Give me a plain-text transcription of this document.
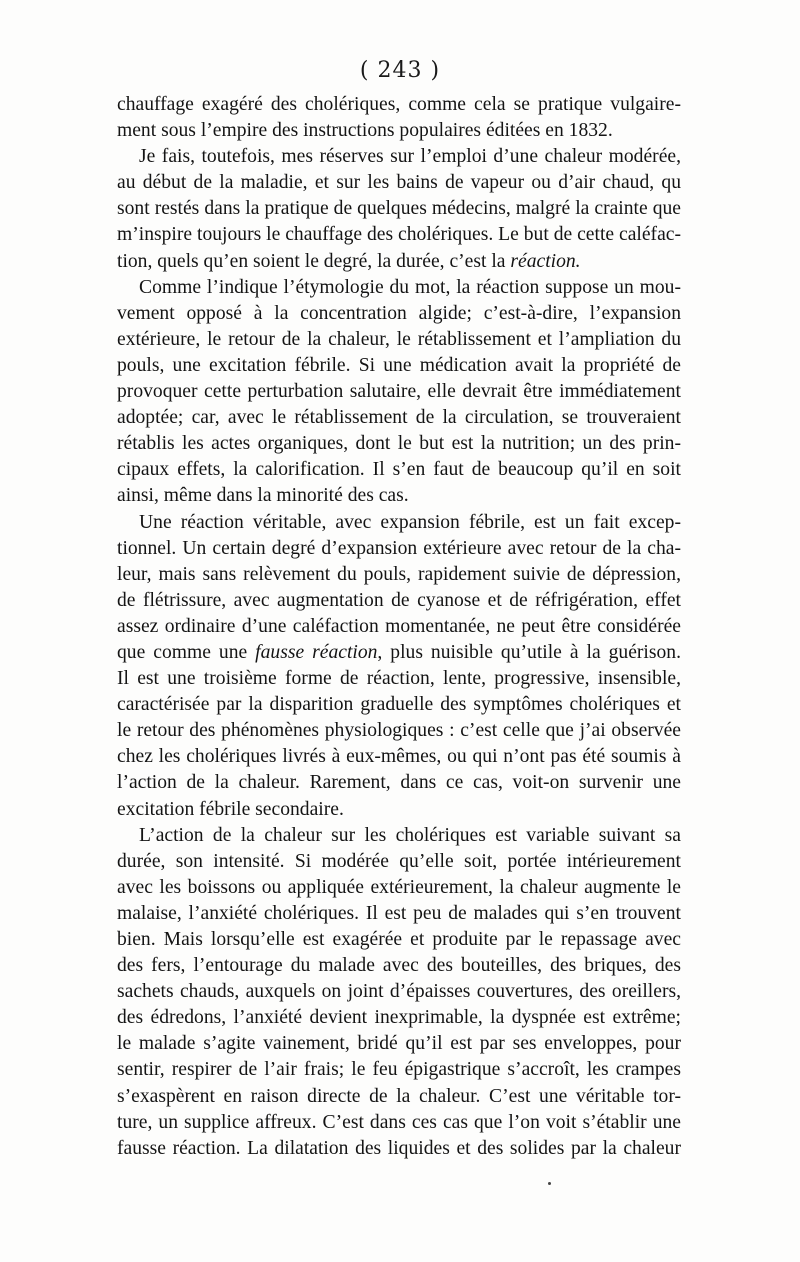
( 243 )
chauffage exagéré des cholériques, comme cela se pratique vulgaire-
ment sous l’empire des instructions populaires éditées en 1832.
Je fais, toutefois, mes réserves sur l’emploi d’une chaleur modérée,
au début de la maladie, et sur les bains de vapeur ou d’air chaud, qu
sont restés dans la pratique de quelques médecins, malgré la crainte que
m’inspire toujours le chauffage des cholériques. Le but de cette caléfac-
tion, quels qu’en soient le degré, la durée, c’est la réaction.
Comme l’indique l’étymologie du mot, la réaction suppose un mou-
vement opposé à la concentration algide; c’est-à-dire, l’expansion
extérieure, le retour de la chaleur, le rétablissement et l’ampliation du
pouls, une excitation fébrile. Si une médication avait la propriété de
provoquer cette perturbation salutaire, elle devrait être immédiatement
adoptée; car, avec le rétablissement de la circulation, se trouveraient
rétablis les actes organiques, dont le but est la nutrition; un des prin-
cipaux effets, la calorification. Il s’en faut de beaucoup qu’il en soit
ainsi, même dans la minorité des cas.
Une réaction véritable, avec expansion fébrile, est un fait excep-
tionnel. Un certain degré d’expansion extérieure avec retour de la cha-
leur, mais sans relèvement du pouls, rapidement suivie de dépression,
de flétrissure, avec augmentation de cyanose et de réfrigération, effet
assez ordinaire d’une caléfaction momentanée, ne peut être considérée
que comme une fausse réaction, plus nuisible qu’utile à la guérison.
Il est une troisième forme de réaction, lente, progressive, insensible,
caractérisée par la disparition graduelle des symptômes cholériques et
le retour des phénomènes physiologiques : c’est celle que j’ai observée
chez les cholériques livrés à eux-mêmes, ou qui n’ont pas été soumis à
l’action de la chaleur. Rarement, dans ce cas, voit-on survenir une
excitation fébrile secondaire.
L’action de la chaleur sur les cholériques est variable suivant sa
durée, son intensité. Si modérée qu’elle soit, portée intérieurement
avec les boissons ou appliquée extérieurement, la chaleur augmente le
malaise, l’anxiété cholériques. Il est peu de malades qui s’en trouvent
bien. Mais lorsqu’elle est exagérée et produite par le repassage avec
des fers, l’entourage du malade avec des bouteilles, des briques, des
sachets chauds, auxquels on joint d’épaisses couvertures, des oreillers,
des édredons, l’anxiété devient inexprimable, la dyspnée est extrême;
le malade s’agite vainement, bridé qu’il est par ses enveloppes, pour
sentir, respirer de l’air frais; le feu épigastrique s’accroît, les crampes
s’exaspèrent en raison directe de la chaleur. C’est une véritable tor-
ture, un supplice affreux. C’est dans ces cas que l’on voit s’établir une
fausse réaction. La dilatation des liquides et des solides par la chaleur
